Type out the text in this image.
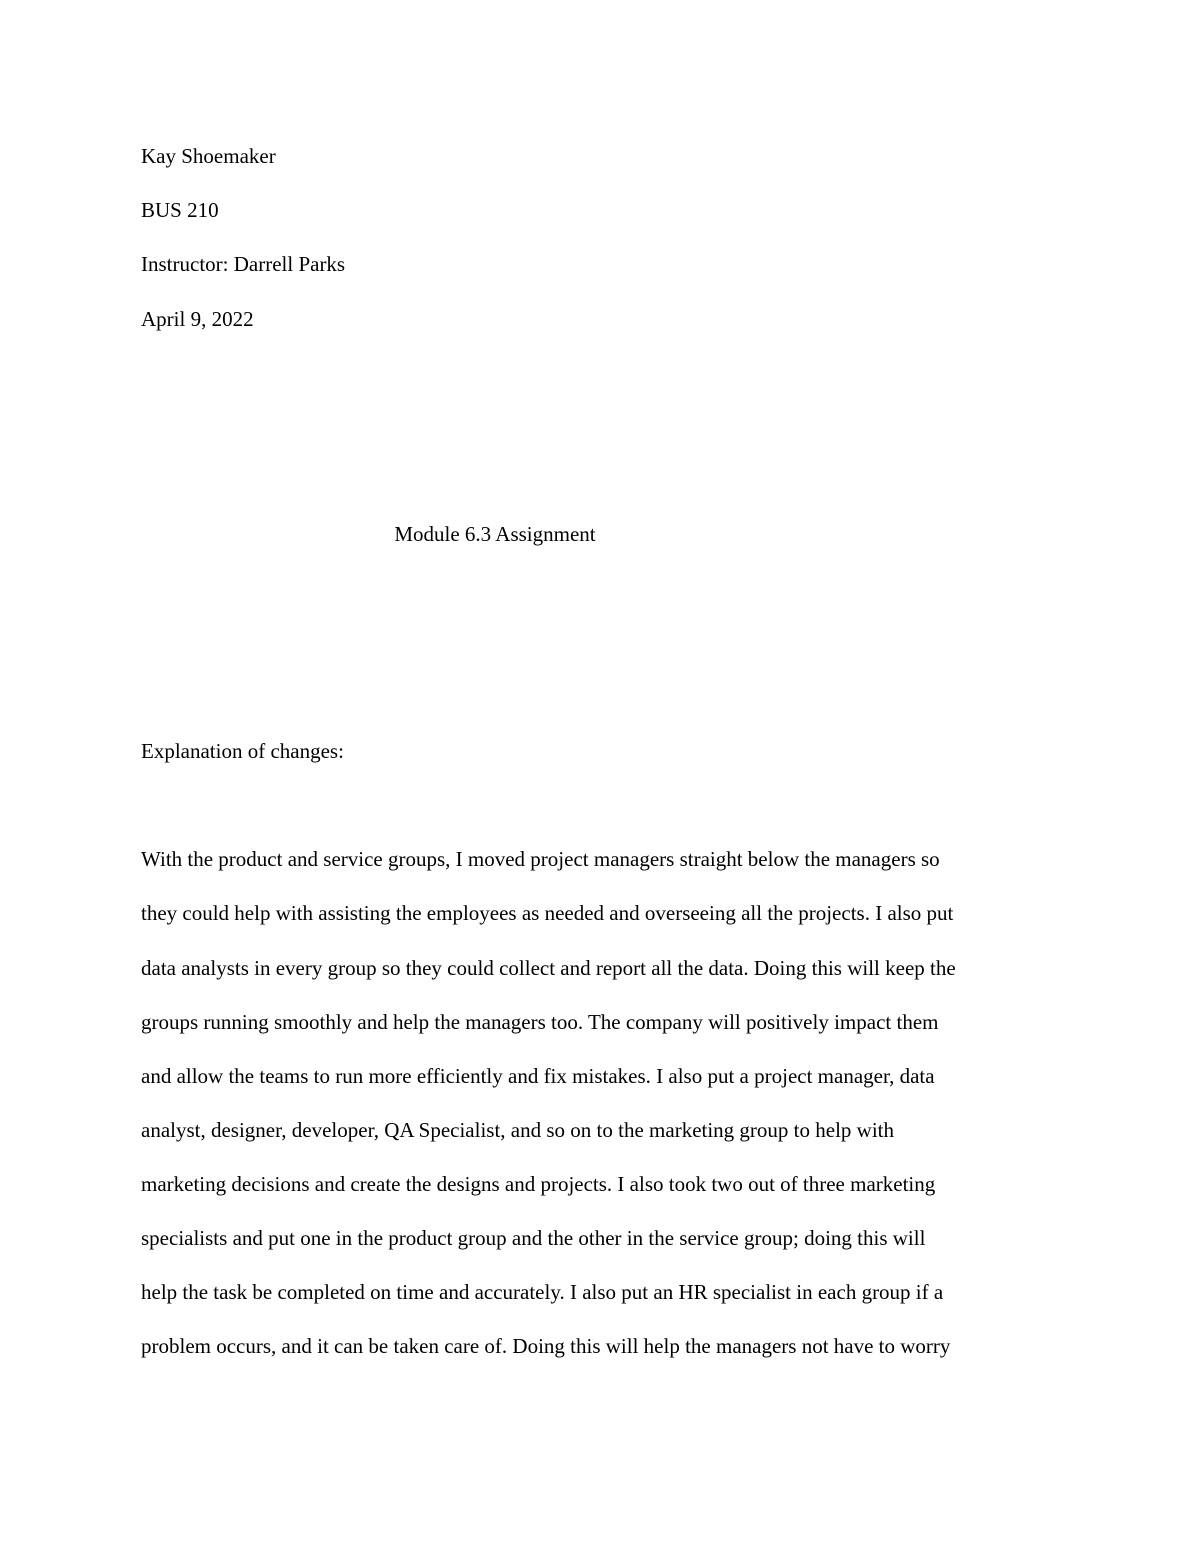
Kay Shoemaker
BUS 210
Instructor: Darrell Parks
April 9, 2022
Module 6.3 Assignment
Explanation of changes:
With the product and service groups, I moved project managers straight below the managers so
they could help with assisting the employees as needed and overseeing all the projects. I also put
data analysts in every group so they could collect and report all the data. Doing this will keep the
groups running smoothly and help the managers too. The company will positively impact them
and allow the teams to run more efficiently and fix mistakes. I also put a project manager, data
analyst, designer, developer, QA Specialist, and so on to the marketing group to help with
marketing decisions and create the designs and projects. I also took two out of three marketing
specialists and put one in the product group and the other in the service group; doing this will
help the task be completed on time and accurately. I also put an HR specialist in each group if a
problem occurs, and it can be taken care of. Doing this will help the managers not have to worry
